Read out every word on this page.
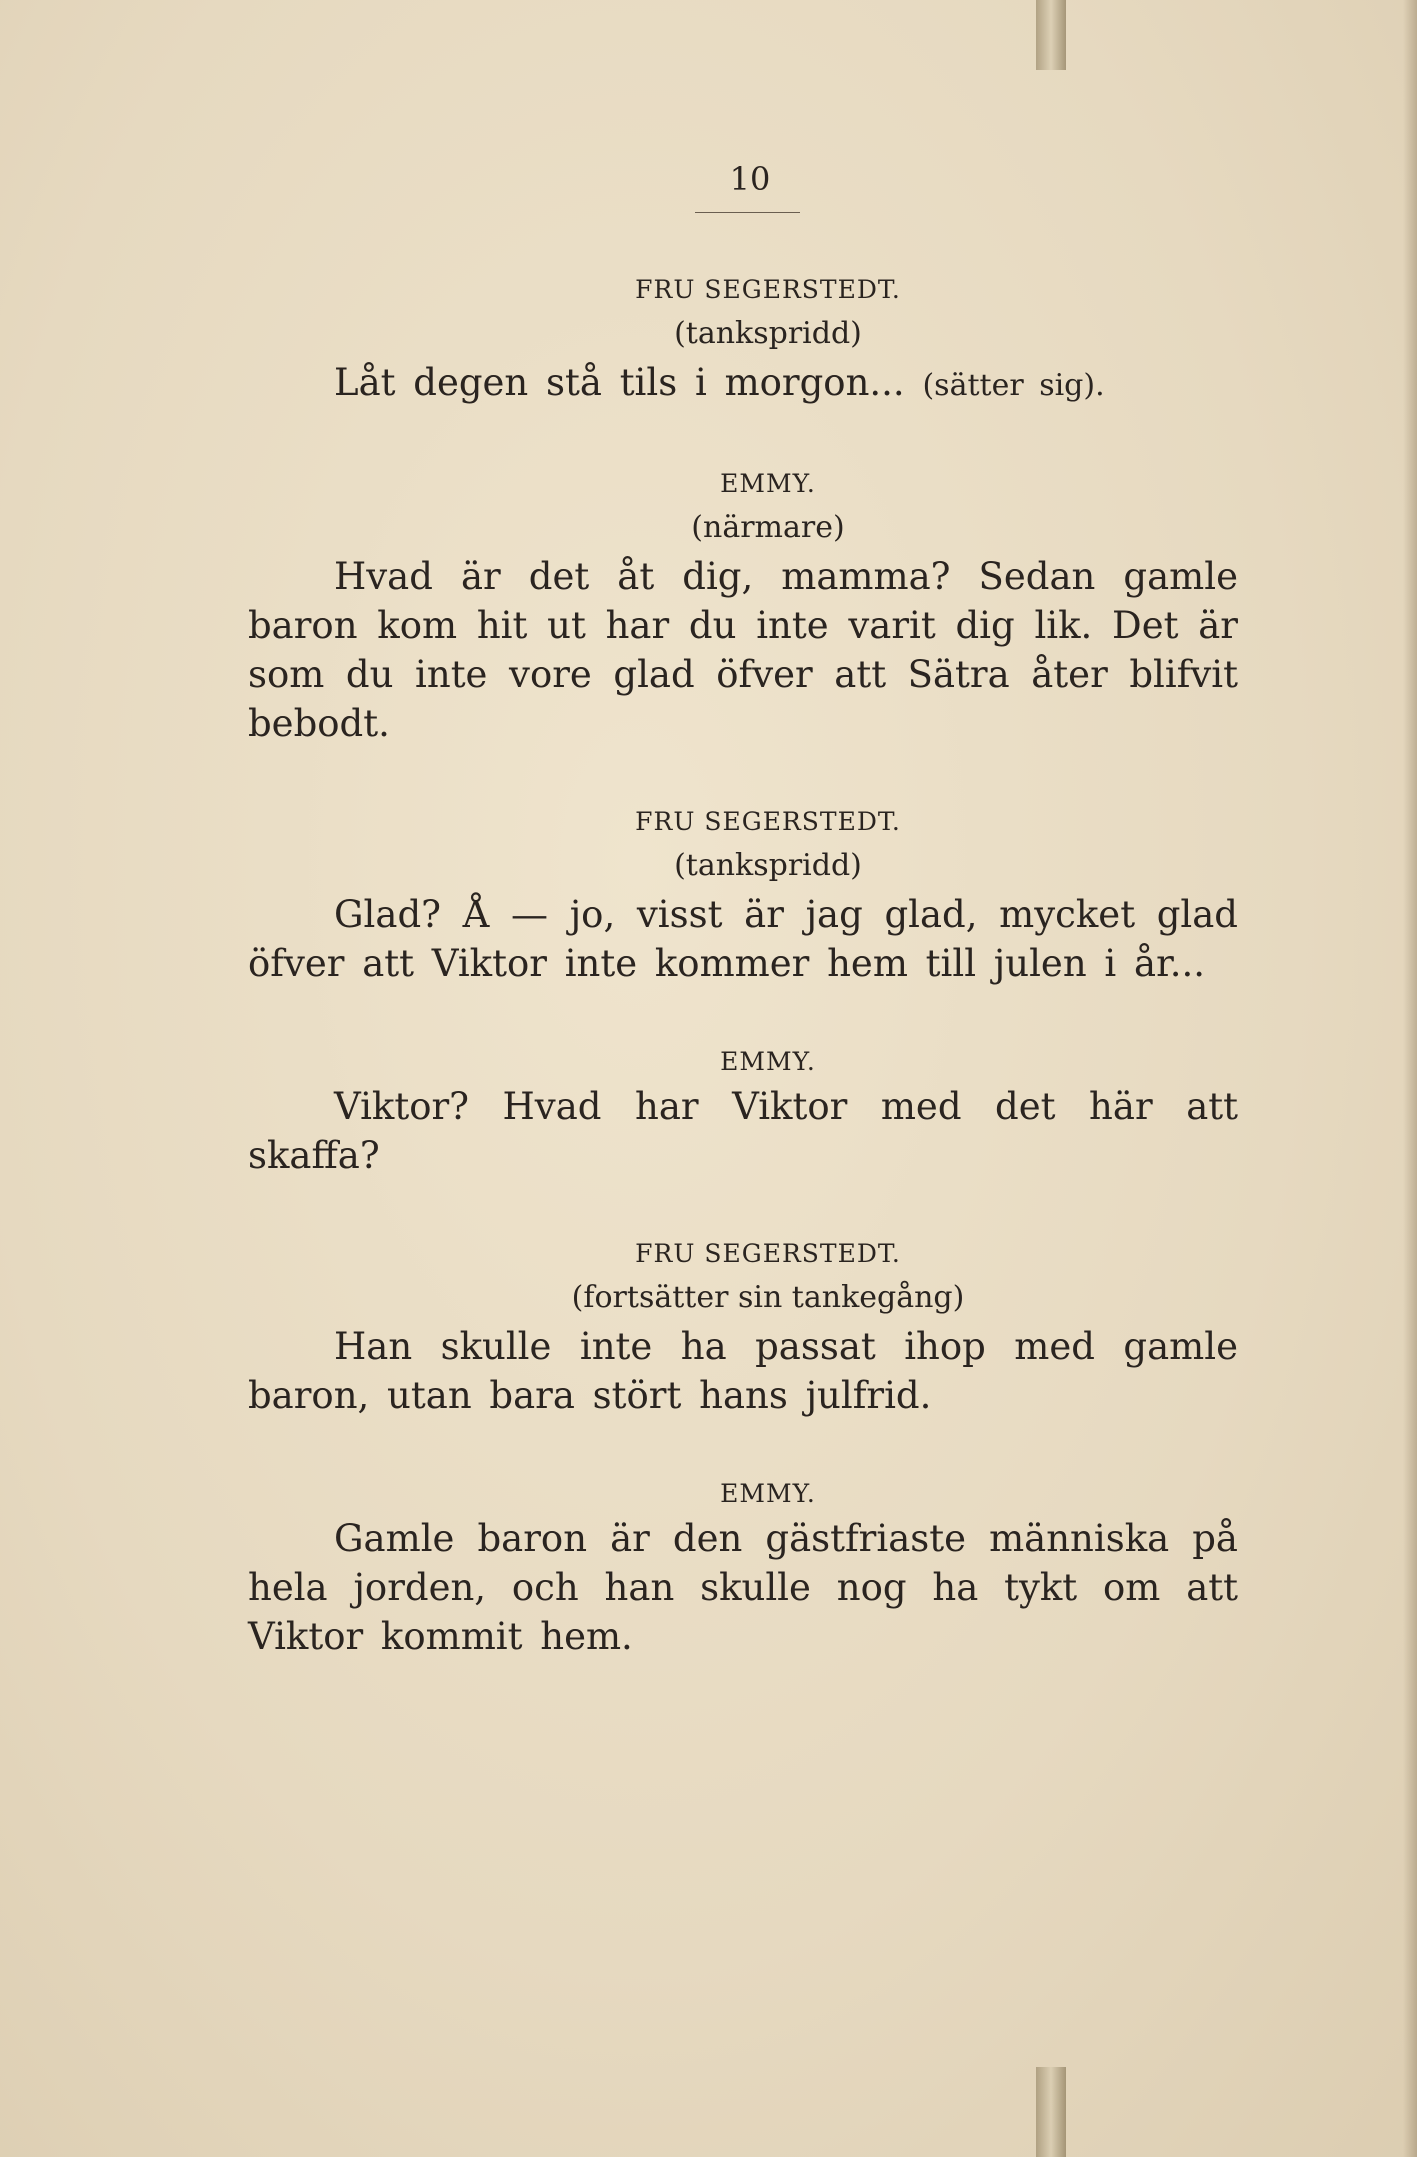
10
FRU SEGERSTEDT.
(tankspridd)
Låt degen stå tils i morgon... (sätter sig).
EMMY.
(närmare)
Hvad är det åt dig, mamma? Sedan gamle baron kom hit ut har du inte varit dig lik. Det är som du inte vore glad öfver att Sätra åter blifvit bebodt.
FRU SEGERSTEDT.
(tankspridd)
Glad? Å — jo, visst är jag glad, mycket glad öfver att Viktor inte kommer hem till julen i år...
EMMY.
Viktor? Hvad har Viktor med det här att skaffa?
FRU SEGERSTEDT.
(fortsätter sin tankegång)
Han skulle inte ha passat ihop med gamle baron, utan bara stört hans julfrid.
EMMY.
Gamle baron är den gästfriaste människa på hela jorden, och han skulle nog ha tykt om att Viktor kommit hem.
